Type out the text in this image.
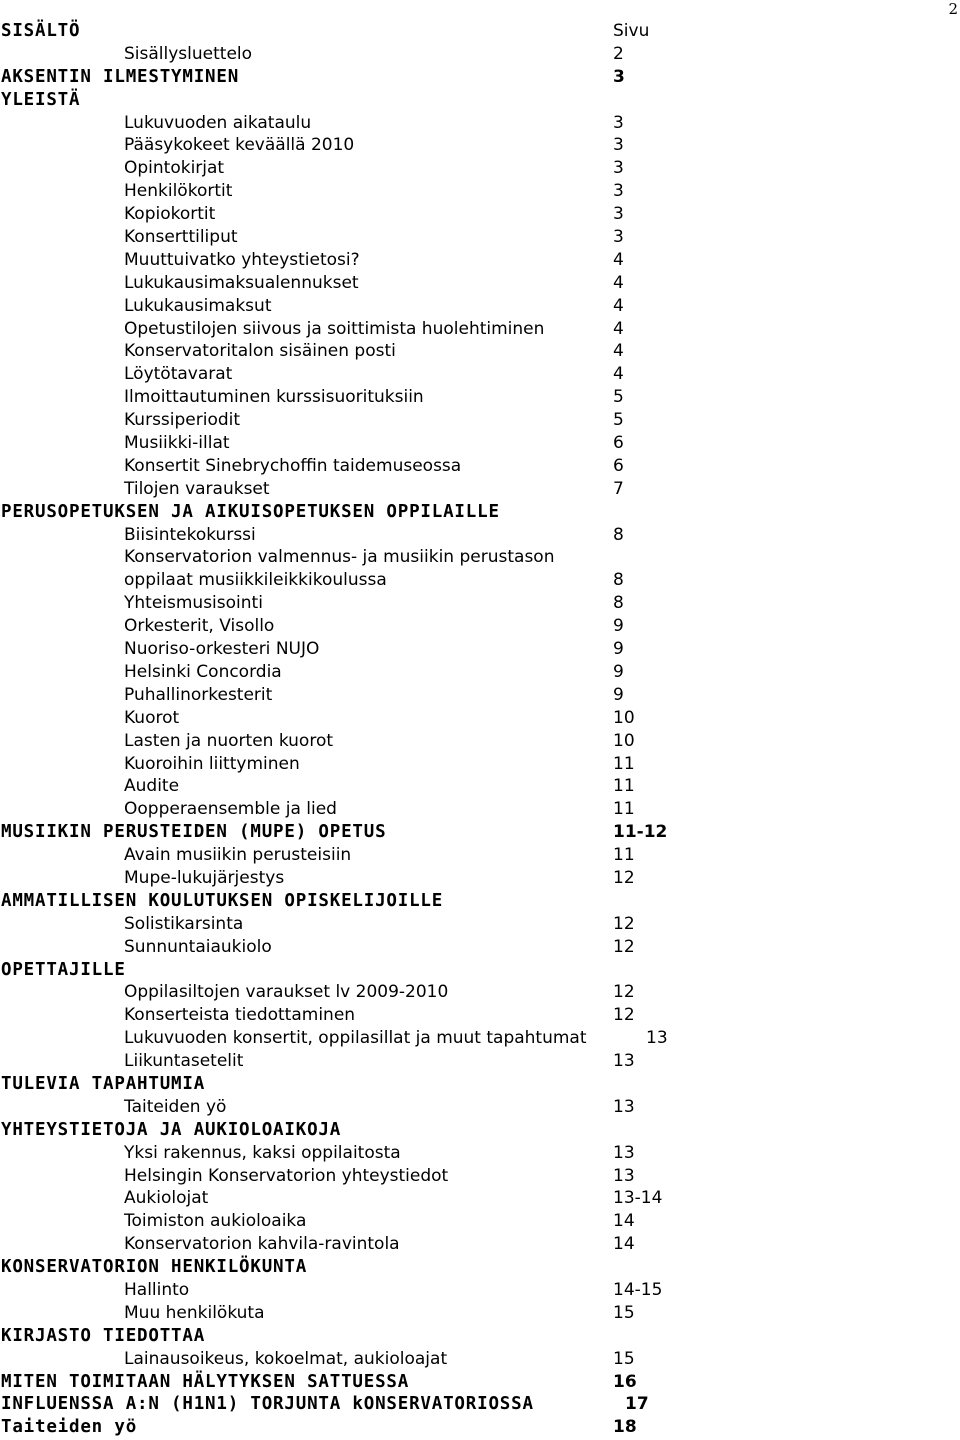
2
SISÄLTÖ	Sivu
Sisällysluettelo	2
AKSENTIN ILMESTYMINEN	3
YLEISTÄ
Lukuvuoden aikataulu	3
Pääsykokeet keväällä 2010	3
Opintokirjat	3
Henkilökortit	3
Kopiokortit	3
Konserttiliput	3
Muuttuivatko yhteystietosi?	4
Lukukausimaksualennukset	4
Lukukausimaksut	4
Opetustilojen siivous ja soittimista huolehtiminen	4
Konservatoritalon sisäinen posti	4
Löytötavarat	4
Ilmoittautuminen kurssisuorituksiin	5
Kurssiperiodit	5
Musiikki-illat	6
Konsertit Sinebrychoffin taidemuseossa	6
Tilojen varaukset	7
PERUSOPETUKSEN JA AIKUISOPETUKSEN OPPILAILLE
Biisintekokurssi	8
Konservatorion valmennus- ja musiikin perustason
oppilaat musiikkileikkikoulussa	8
Yhteismusisointi	8
Orkesterit, Visollo	9
Nuoriso-orkesteri NUJO	9
Helsinki Concordia	9
Puhallinorkesterit	9
Kuorot	10
Lasten ja nuorten kuorot	10
Kuoroihin liittyminen	11
Audite	11
Oopperaensemble ja lied	11
MUSIIKIN PERUSTEIDEN (MUPE) OPETUS	11-12
Avain musiikin perusteisiin	11
Mupe-lukujärjestys	12
AMMATILLISEN KOULUTUKSEN OPISKELIJOILLE
Solistikarsinta	12
Sunnuntaiaukiolo	12
OPETTAJILLE
Oppilasiltojen varaukset lv 2009-2010	12
Konserteista tiedottaminen	12
Lukuvuoden konsertit, oppilasillat ja muut tapahtumat	13
Liikuntasetelit	13
TULEVIA TAPAHTUMIA
Taiteiden yö	13
YHTEYSTIETOJA JA AUKIOLOAIKOJA
Yksi rakennus, kaksi oppilaitosta	13
Helsingin Konservatorion yhteystiedot	13
Aukiolojat	13-14
Toimiston aukioloaika	14
Konservatorion kahvila-ravintola	14
KONSERVATORION HENKILÖKUNTA
Hallinto	14-15
Muu henkilökuta	15
KIRJASTO TIEDOTTAA
Lainausoikeus, kokoelmat, aukioloajat	15
MITEN TOIMITAAN HÄLYTYKSEN SATTUESSA	16
INFLUENSSA A:N (H1N1) TORJUNTA kONSERVATORIOSSA	17
Taiteiden yö	18
